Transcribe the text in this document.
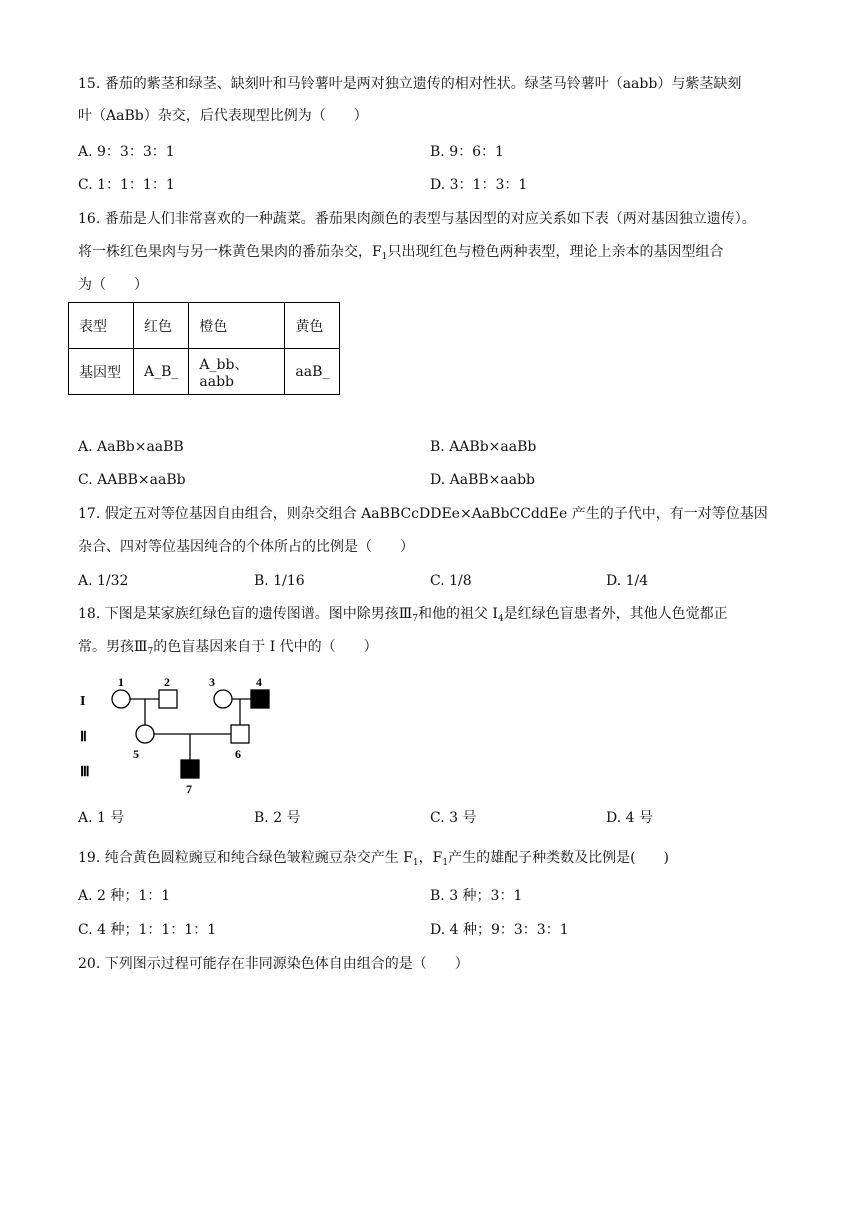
15. 番茄的紫茎和绿茎、缺刻叶和马铃薯叶是两对独立遗传的相对性状。绿茎马铃薯叶（aabb）与紫茎缺刻
叶（AaBb）杂交，后代表现型比例为（　　）
A. 9：3：3：1	B. 9：6：1
C. 1：1：1：1	D. 3：1：3：1
16. 番茄是人们非常喜欢的一种蔬菜。番茄果肉颜色的表型与基因型的对应关系如下表（两对基因独立遗传）。
将一株红色果肉与另一株黄色果肉的番茄杂交，$F_1$只出现红色与橙色两种表型，理论上亲本的基因型组合
为（　　）
表型	红色	橙色	黄色
基因型	A_B_	A_bb、aabb	aaB_
A. AaBb×aaBB	B. AABb×aaBb
C. AABB×aaBb	D. AaBB×aabb
17. 假定五对等位基因自由组合，则杂交组合 AaBBCcDDEe×AaBbCCddEe 产生的子代中，有一对等位基因
杂合、四对等位基因纯合的个体所占的比例是（　　）
A. 1/32	B. 1/16	C. 1/8	D. 1/4
18. 下图是某家族红绿色盲的遗传图谱。图中除男孩$Ⅲ_7$和他的祖父 $I_4$是红绿色盲患者外，其他人色觉都正
常。男孩$Ⅲ_7$的色盲基因来自于 I 代中的（　　）
I
Ⅱ
Ⅲ
1	2	3	4
5	6
7
A. 1 号	B. 2 号	C. 3 号	D. 4 号
19. 纯合黄色圆粒豌豆和纯合绿色皱粒豌豆杂交产生 $F_1$，$F_1$产生的雄配子种类数及比例是(　　)
A. 2 种；1：1	B. 3 种；3：1
C. 4 种；1：1：1：1	D. 4 种；9：3：3：1
20. 下列图示过程可能存在非同源染色体自由组合的是（　　）
